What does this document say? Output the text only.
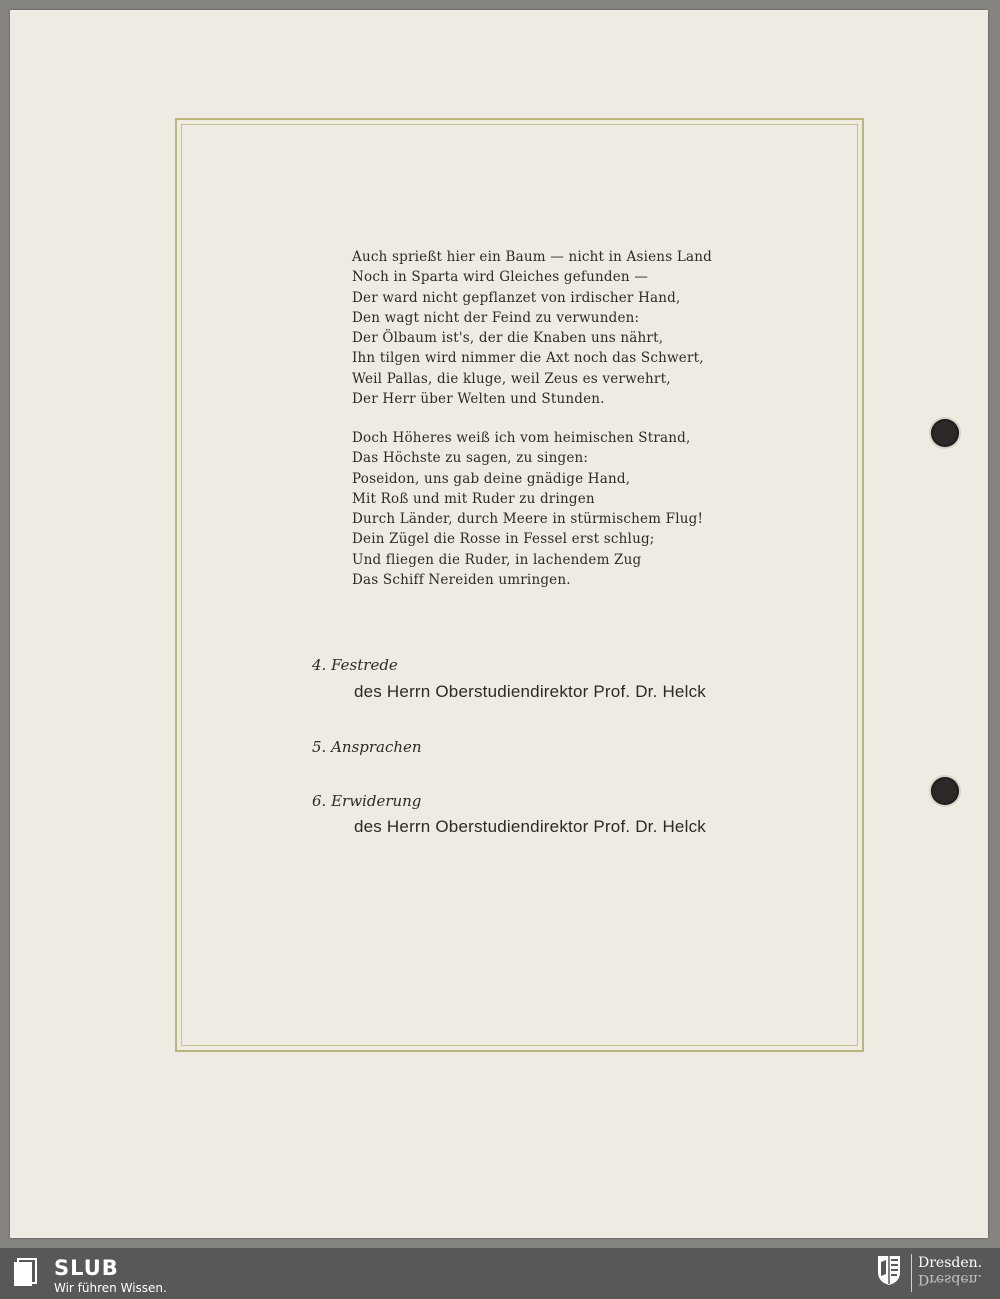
Auch sprießt hier ein Baum — nicht in Asiens Land
Noch in Sparta wird Gleiches gefunden —
Der ward nicht gepflanzet von irdischer Hand,
Den wagt nicht der Feind zu verwunden:
Der Ölbaum ist's, der die Knaben uns nährt,
Ihn tilgen wird nimmer die Axt noch das Schwert,
Weil Pallas, die kluge, weil Zeus es verwehrt,
Der Herr über Welten und Stunden.
Doch Höheres weiß ich vom heimischen Strand,
Das Höchste zu sagen, zu singen:
Poseidon, uns gab deine gnädige Hand,
Mit Roß und mit Ruder zu dringen
Durch Länder, durch Meere in stürmischem Flug!
Dein Zügel die Rosse in Fessel erst schlug;
Und fliegen die Ruder, in lachendem Zug
Das Schiff Nereiden umringen.
4. Festrede
des Herrn Oberstudiendirektor Prof. Dr. Helck
5. Ansprachen
6. Erwiderung
des Herrn Oberstudiendirektor Prof. Dr. Helck
SLUB
Wir führen Wissen.
Dresden.
Dresden.
